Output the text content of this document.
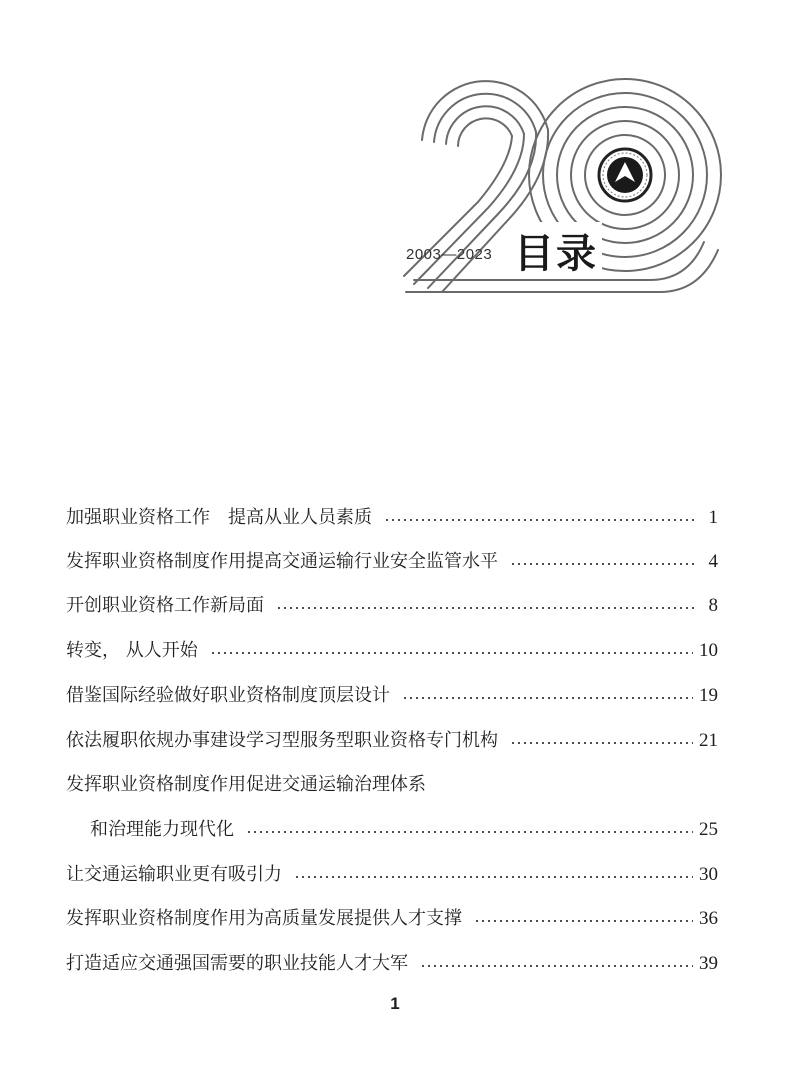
2003—2023 目录
加强职业资格工作　提高从业人员素质	1
发挥职业资格制度作用提高交通运输行业安全监管水平	4
开创职业资格工作新局面	8
转变， 从人开始	10
借鉴国际经验做好职业资格制度顶层设计	19
依法履职依规办事建设学习型服务型职业资格专门机构	21
发挥职业资格制度作用促进交通运输治理体系
和治理能力现代化	25
让交通运输职业更有吸引力	30
发挥职业资格制度作用为高质量发展提供人才支撑	36
打造适应交通强国需要的职业技能人才大军	39
1
